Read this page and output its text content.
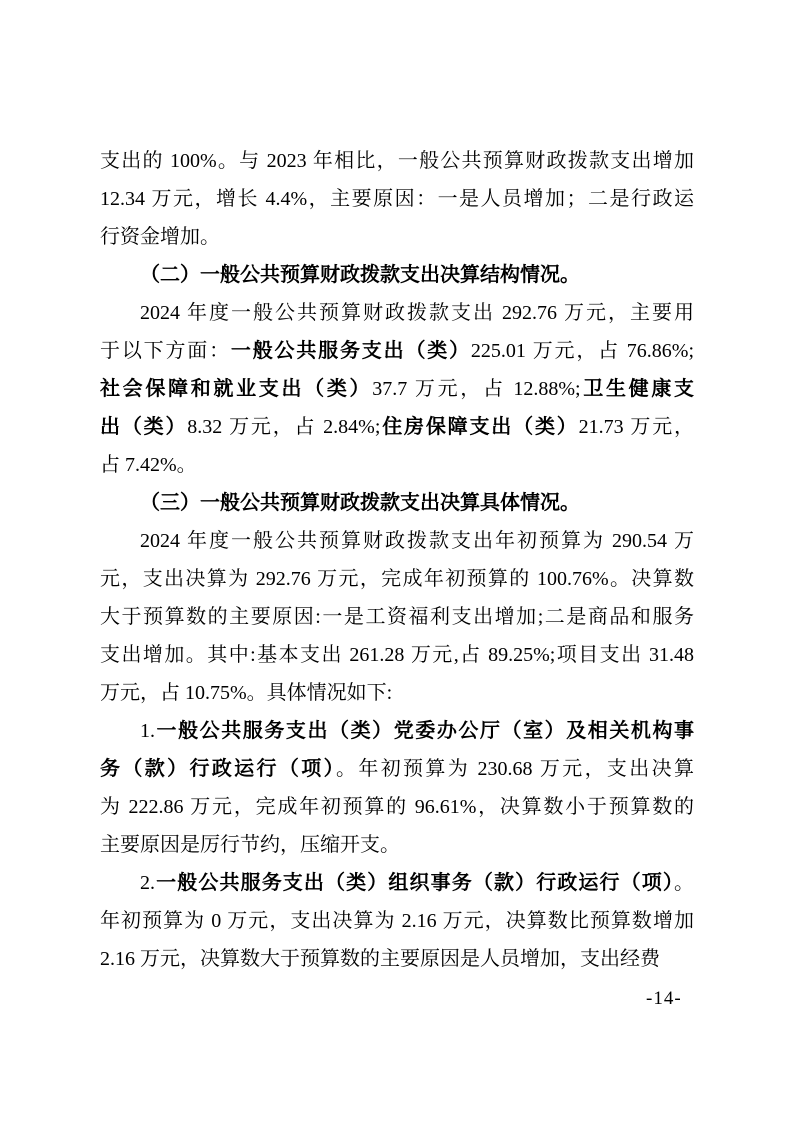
支出的 100%。与 2023 年相比，一般公共预算财政拨款支出增加
12.34 万元，增长 4.4%，主要原因：一是人员增加；二是行政运
行资金增加。
（二）一般公共预算财政拨款支出决算结构情况。
2024 年度一般公共预算财政拨款支出 292.76 万元，主要用
于以下方面：一般公共服务支出（类）225.01 万元，占 76.86%;
社会保障和就业支出（类）37.7 万元，占 12.88%;卫生健康支
出（类）8.32 万元，占 2.84%;住房保障支出（类）21.73 万元，
占 7.42%。
（三）一般公共预算财政拨款支出决算具体情况。
2024 年度一般公共预算财政拨款支出年初预算为 290.54 万
元，支出决算为 292.76 万元，完成年初预算的 100.76%。决算数
大于预算数的主要原因:一是工资福利支出增加;二是商品和服务
支出增加。其中:基本支出 261.28 万元,占 89.25%;项目支出 31.48
万元，占 10.75%。具体情况如下:
1.一般公共服务支出（类）党委办公厅（室）及相关机构事
务（款）行政运行（项）。年初预算为 230.68 万元，支出决算
为 222.86 万元，完成年初预算的 96.61%，决算数小于预算数的
主要原因是厉行节约，压缩开支。
2.一般公共服务支出（类）组织事务（款）行政运行（项）。
年初预算为 0 万元，支出决算为 2.16 万元，决算数比预算数增加
2.16 万元，决算数大于预算数的主要原因是人员增加，支出经费
-14-
